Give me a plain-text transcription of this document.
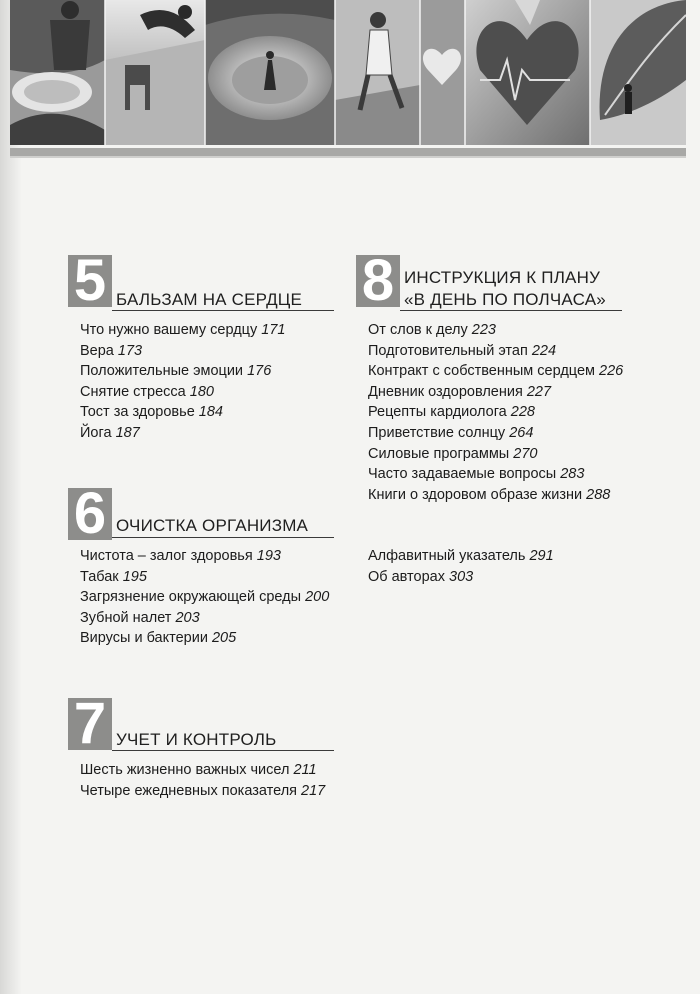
5 БАЛЬЗАМ НА СЕРДЦЕ
Что нужно вашему сердцу 171
Вера 173
Положительные эмоции 176
Снятие стресса 180
Тост за здоровье 184
Йога 187
6 ОЧИСТКА ОРГАНИЗМА
Чистота – залог здоровья 193
Табак 195
Загрязнение окружающей среды 200
Зубной налет 203
Вирусы и бактерии 205
7 УЧЕТ И КОНТРОЛЬ
Шесть жизненно важных чисел 211
Четыре ежедневных показателя 217
8 ИНСТРУКЦИЯ К ПЛАНУ
«В ДЕНЬ ПО ПОЛЧАСА»
От слов к делу 223
Подготовительный этап 224
Контракт с собственным сердцем 226
Дневник оздоровления 227
Рецепты кардиолога 228
Приветствие солнцу 264
Силовые программы 270
Часто задаваемые вопросы 283
Книги о здоровом образе жизни 288
Алфавитный указатель 291
Об авторах 303
